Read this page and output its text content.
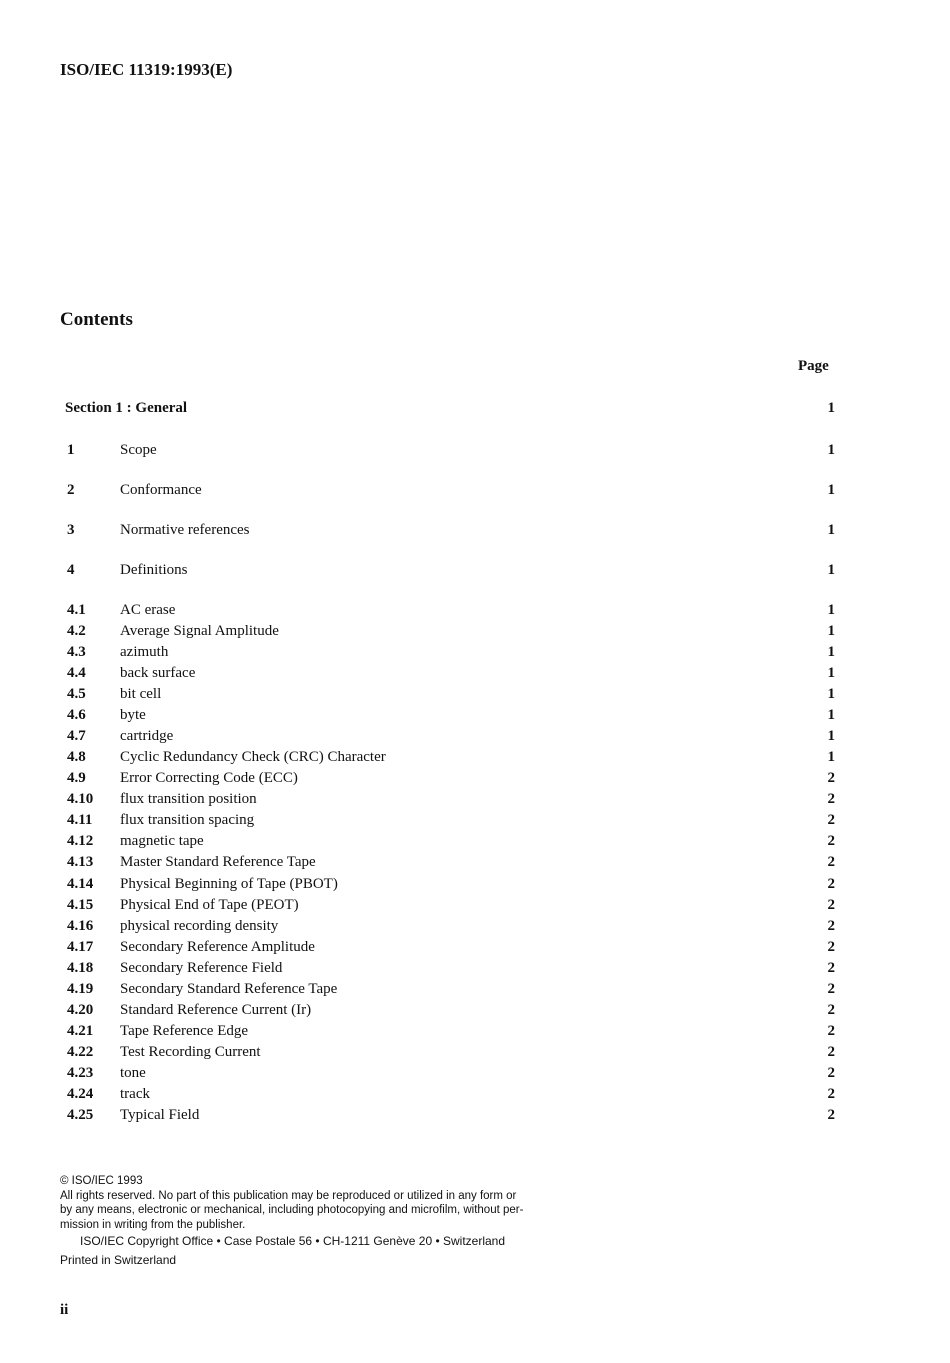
ISO/IEC 11319:1993(E)
Contents
Page
Section 1 : General	1
1	Scope	1
2	Conformance	1
3	Normative references	1
4	Definitions	1
4.1 AC erase	1
4.2 Average Signal Amplitude	1
4.3 azimuth	1
4.4 back surface	1
4.5 bit cell	1
4.6 byte	1
4.7 cartridge	1
4.8 Cyclic Redundancy Check (CRC) Character	1
4.9 Error Correcting Code (ECC)	2
4.10 flux transition position	2
4.11 flux transition spacing	2
4.12 magnetic tape	2
4.13 Master Standard Reference Tape	2
4.14 Physical Beginning of Tape (PBOT)	2
4.15 Physical End of Tape (PEOT)	2
4.16 physical recording density	2
4.17 Secondary Reference Amplitude	2
4.18 Secondary Reference Field	2
4.19 Secondary Standard Reference Tape	2
4.20 Standard Reference Current (Ir)	2
4.21 Tape Reference Edge	2
4.22 Test Recording Current	2
4.23 tone	2
4.24 track	2
4.25 Typical Field	2
© ISO/IEC 1993
All rights reserved. No part of this publication may be reproduced or utilized in any form or
by any means, electronic or mechanical, including photocopying and microfilm, without per-
mission in writing from the publisher.
ISO/IEC Copyright Office • Case Postale 56 • CH-1211 Genève 20 • Switzerland
Printed in Switzerland
ii
